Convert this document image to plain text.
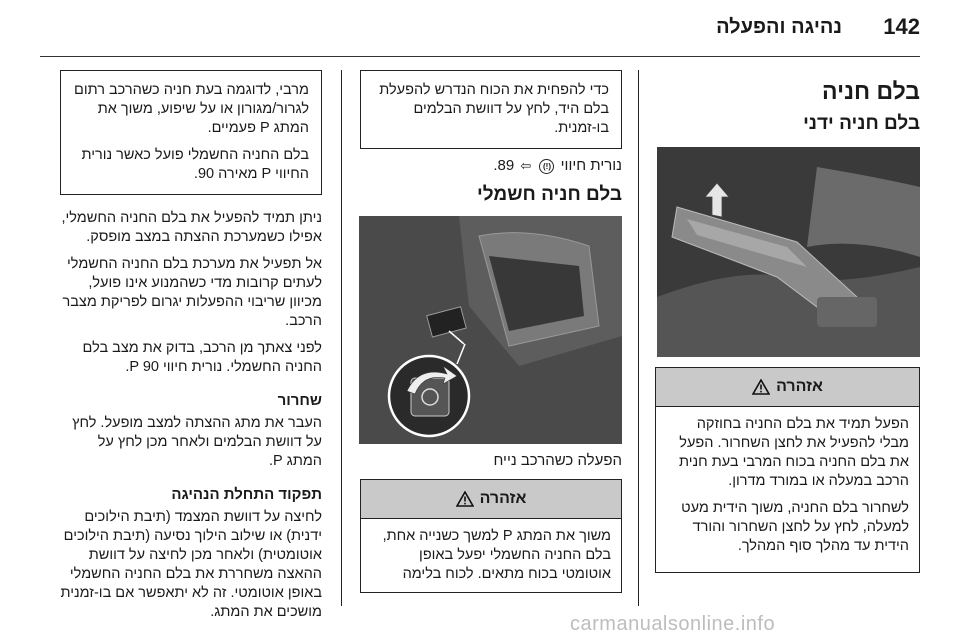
142
נהיגה והפעלה
בלם חניה
בלם חניה ידני
אזהרה

הפעל תמיד את בלם החניה בחוזקה מבלי להפעיל את לחצן השחרור. הפעל את בלם החניה בכוח המרבי בעת חנית הרכב במעלה או במורד מדרון.

לשחרור בלם החניה, משוך הידית מעט למעלה, לחץ על לחצן השחרור והורד הידית עד מהלך סוף המהלך.

כדי להפחית את הכוח הנדרש להפעלת בלם היד, לחץ על דוושת הבלמים בו-זמנית.

נורית חיווי (!) ⇦ 89.
בלם חניה חשמלי
הפעלה כשהרכב נייח
אזהרה

משוך את המתג P למשך כשנייה אחת, בלם החניה החשמלי יפעל באופן אוטומטי בכוח מתאים. לכוח בלימה

מרבי, לדוגמה בעת חניה כשהרכב רתום לגרור/מגורון או על שיפוע, משוך את המתג P פעמיים.

בלם החניה החשמלי פועל כאשר נורית החיווי P מאירה 90.

ניתן תמיד להפעיל את בלם החניה החשמלי, אפילו כשמערכת ההצתה במצב מופסק.

אל תפעיל את מערכת בלם החניה החשמלי לעתים קרובות מדי כשהמנוע אינו פועל, מכיוון שריבוי ההפעלות יגרום לפריקת מצבר הרכב.

לפני צאתך מן הרכב, בדוק את מצב בלם החניה החשמלי. נורית חיווי P 90.

שחרור

העבר את מתג ההצתה למצב מופעל. לחץ על דוושת הבלמים ולאחר מכן לחץ על המתג P.

תפקוד התחלת הנהיגה

לחיצה על דוושת המצמד (תיבת הילוכים ידנית) או שילוב הילוך נסיעה (תיבת הילוכים אוטומטית) ולאחר מכן לחיצה על דוושת ההאצה משחררת את בלם החניה החשמלי באופן אוטומטי. זה לא יתאפשר אם בו-זמנית מושכים את המתג.

carmanualsonline.info
